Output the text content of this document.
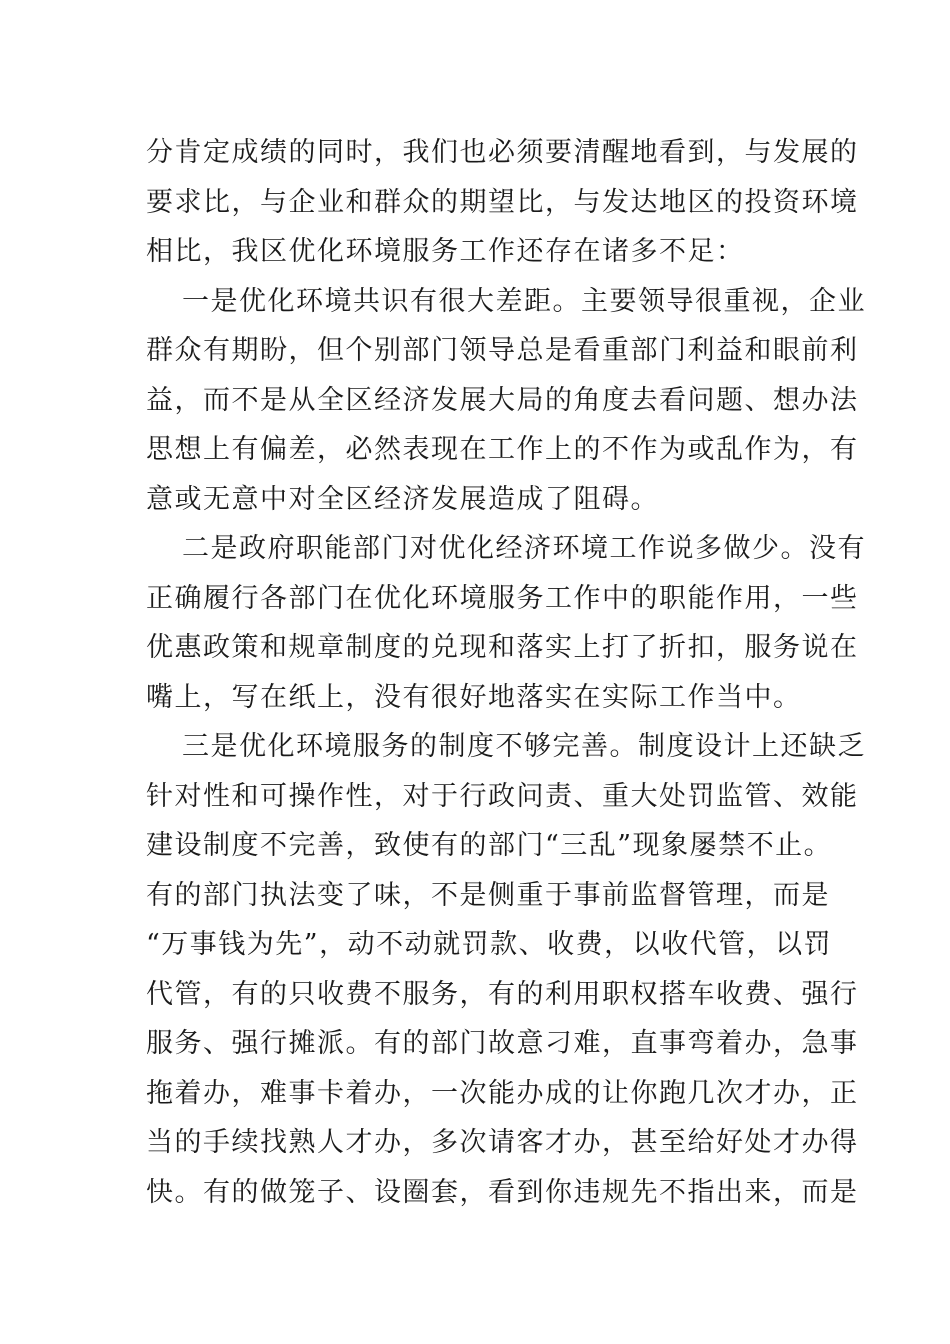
分肯定成绩的同时，我们也必须要清醒地看到，与发展的
要求比，与企业和群众的期望比，与发达地区的投资环境
相比，我区优化环境服务工作还存在诸多不足：
一是优化环境共识有很大差距。主要领导很重视，企业
群众有期盼，但个别部门领导总是看重部门利益和眼前利
益，而不是从全区经济发展大局的角度去看问题、想办法
思想上有偏差，必然表现在工作上的不作为或乱作为，有
意或无意中对全区经济发展造成了阻碍。
二是政府职能部门对优化经济环境工作说多做少。没有
正确履行各部门在优化环境服务工作中的职能作用，一些
优惠政策和规章制度的兑现和落实上打了折扣，服务说在
嘴上，写在纸上，没有很好地落实在实际工作当中。
三是优化环境服务的制度不够完善。制度设计上还缺乏
针对性和可操作性，对于行政问责、重大处罚监管、效能
建设制度不完善，致使有的部门“三乱”现象屡禁不止。
有的部门执法变了味，不是侧重于事前监督管理，而是
“万事钱为先”，动不动就罚款、收费，以收代管，以罚
代管，有的只收费不服务，有的利用职权搭车收费、强行
服务、强行摊派。有的部门故意刁难，直事弯着办，急事
拖着办，难事卡着办，一次能办成的让你跑几次才办，正
当的手续找熟人才办，多次请客才办，甚至给好处才办得
快。有的做笼子、设圈套，看到你违规先不指出来，而是
